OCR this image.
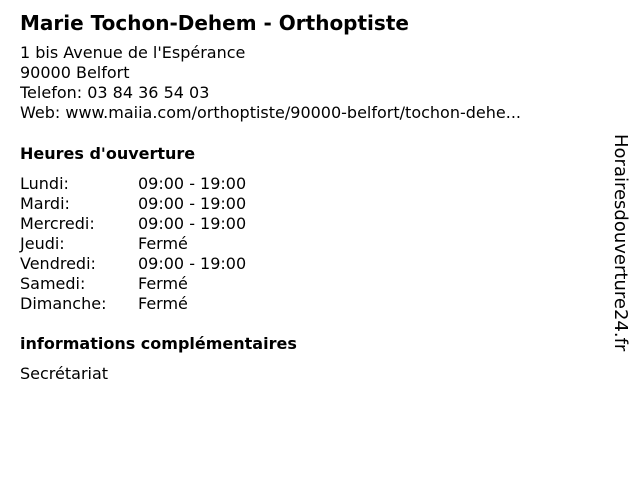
Marie Tochon-Dehem - Orthoptiste
1 bis Avenue de l'Espérance
90000 Belfort
Telefon: 03 84 36 54 03
Web: www.maiia.com/orthoptiste/90000-belfort/tochon-dehe...
Heures d'ouverture
Lundi:	09:00 - 19:00
Mardi:	09:00 - 19:00
Mercredi:	09:00 - 19:00
Jeudi:	Fermé
Vendredi:	09:00 - 19:00
Samedi:	Fermé
Dimanche:	Fermé
informations complémentaires
Secrétariat
Horairesdouverture24.fr
